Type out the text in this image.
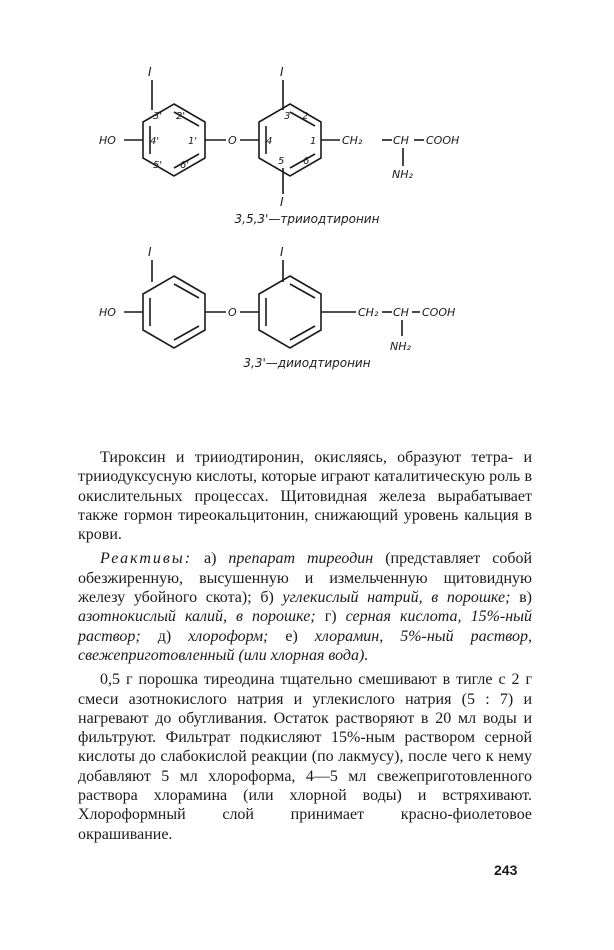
I	I
I
HO	O
3' 2'
4'	1'
5' 6'
3 2
4	1
5 6
CH₂	CH COOH
NH₂
3,5,3'—трииодтиронин
I	I
HO	O	CH₂ CH COOH
NH₂
3,3'—дииодтиронин

Тироксин и трииодтиронин, окисляясь, образуют тетра- и трииодуксусную кислоты, которые играют каталитическую роль в окислительных процессах. Щитовидная железа вырабатывает также гормон тиреокальцитонин, снижающий уровень кальция в крови.

Реактивы: а) препарат тиреодин (представляет собой обезжиренную, высушенную и измельченную щитовидную железу убойного скота); б) углекислый натрий, в порошке; в) азотнокислый калий, в порошке; г) серная кислота, 15%-ный раствор; д) хлороформ; е) хлорамин, 5%-ный раствор, свежеприготовленный (или хлорная вода).

0,5 г порошка тиреодина тщательно смешивают в тигле с 2 г смеси азотнокислого натрия и углекислого натрия (5 : 7) и нагревают до обугливания. Остаток растворяют в 20 мл воды и фильтруют. Фильтрат подкисляют 15%-ным раствором серной кислоты до слабокислой реакции (по лакмусу), после чего к нему добавляют 5 мл хлороформа, 4—5 мл свежеприготовленного раствора хлорамина (или хлорной воды) и встряхивают. Хлороформный слой принимает красно-фиолетовое окрашивание.

243
